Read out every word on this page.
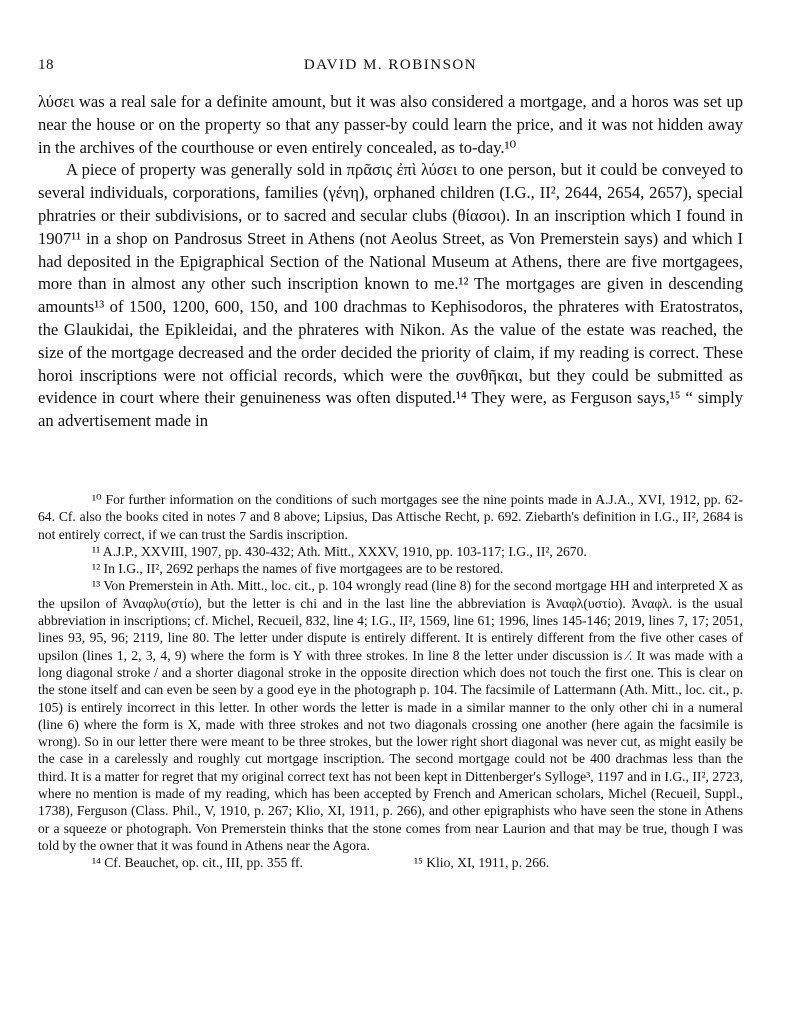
18	DAVID M. ROBINSON

λύσει was a real sale for a definite amount, but it was also considered a mortgage, and a horos was set up near the house or on the property so that any passer-by could learn the price, and it was not hidden away in the archives of the courthouse or even entirely concealed, as to-day.¹⁰

A piece of property was generally sold in πρᾶσις ἐπὶ λύσει to one person, but it could be conveyed to several individuals, corporations, families (γένη), orphaned children (I.G., II², 2644, 2654, 2657), special phratries or their subdivisions, or to sacred and secular clubs (θίασοι). In an inscription which I found in 1907¹¹ in a shop on Pandrosus Street in Athens (not Aeolus Street, as Von Premerstein says) and which I had deposited in the Epigraphical Section of the National Museum at Athens, there are five mortgagees, more than in almost any other such inscription known to me.¹² The mortgages are given in descending amounts¹³ of 1500, 1200, 600, 150, and 100 drachmas to Kephisodoros, the phrateres with Eratostratos, the Glaukidai, the Epikleidai, and the phrateres with Nikon. As the value of the estate was reached, the size of the mortgage decreased and the order decided the priority of claim, if my reading is correct. These horoi inscriptions were not official records, which were the συνθῆκαι, but they could be submitted as evidence in court where their genuineness was often disputed.¹⁴ They were, as Ferguson says,¹⁵ “ simply an advertisement made in

¹⁰ For further information on the conditions of such mortgages see the nine points made in A.J.A., XVI, 1912, pp. 62-64. Cf. also the books cited in notes 7 and 8 above; Lipsius, Das Attische Recht, p. 692. Ziebarth's definition in I.G., II², 2684 is not entirely correct, if we can trust the Sardis inscription.

¹¹ A.J.P., XXVIII, 1907, pp. 430-432; Ath. Mitt., XXXV, 1910, pp. 103-117; I.G., II², 2670.

¹² In I.G., II², 2692 perhaps the names of five mortgagees are to be restored.

¹³ Von Premerstein in Ath. Mitt., loc. cit., p. 104 wrongly read (line 8) for the second mortgage HH and interpreted X as the upsilon of Ἀναφλυ(στίο), but the letter is chi and in the last line the abbreviation is Ἀναφλ(υστίο). Ἀναφλ. is the usual abbreviation in inscriptions; cf. Michel, Recueil, 832, line 4; I.G., II², 1569, line 61; 1996, lines 145-146; 2019, lines 7, 17; 2051, lines 93, 95, 96; 2119, line 80. The letter under dispute is entirely different. It is entirely different from the five other cases of upsilon (lines 1, 2, 3, 4, 9) where the form is Y with three strokes. In line 8 the letter under discussion is ⁄. It was made with a long diagonal stroke / and a shorter diagonal stroke in the opposite direction which does not touch the first one. This is clear on the stone itself and can even be seen by a good eye in the photograph p. 104. The facsimile of Lattermann (Ath. Mitt., loc. cit., p. 105) is entirely incorrect in this letter. In other words the letter is made in a similar manner to the only other chi in a numeral (line 6) where the form is X, made with three strokes and not two diagonals crossing one another (here again the facsimile is wrong). So in our letter there were meant to be three strokes, but the lower right short diagonal was never cut, as might easily be the case in a carelessly and roughly cut mortgage inscription. The second mortgage could not be 400 drachmas less than the third. It is a matter for regret that my original correct text has not been kept in Dittenberger's Sylloge³, 1197 and in I.G., II², 2723, where no mention is made of my reading, which has been accepted by French and American scholars, Michel (Recueil, Suppl., 1738), Ferguson (Class. Phil., V, 1910, p. 267; Klio, XI, 1911, p. 266), and other epigraphists who have seen the stone in Athens or a squeeze or photograph. Von Premerstein thinks that the stone comes from near Laurion and that may be true, though I was told by the owner that it was found in Athens near the Agora.

¹⁴ Cf. Beauchet, op. cit., III, pp. 355 ff.	¹⁵ Klio, XI, 1911, p. 266.
